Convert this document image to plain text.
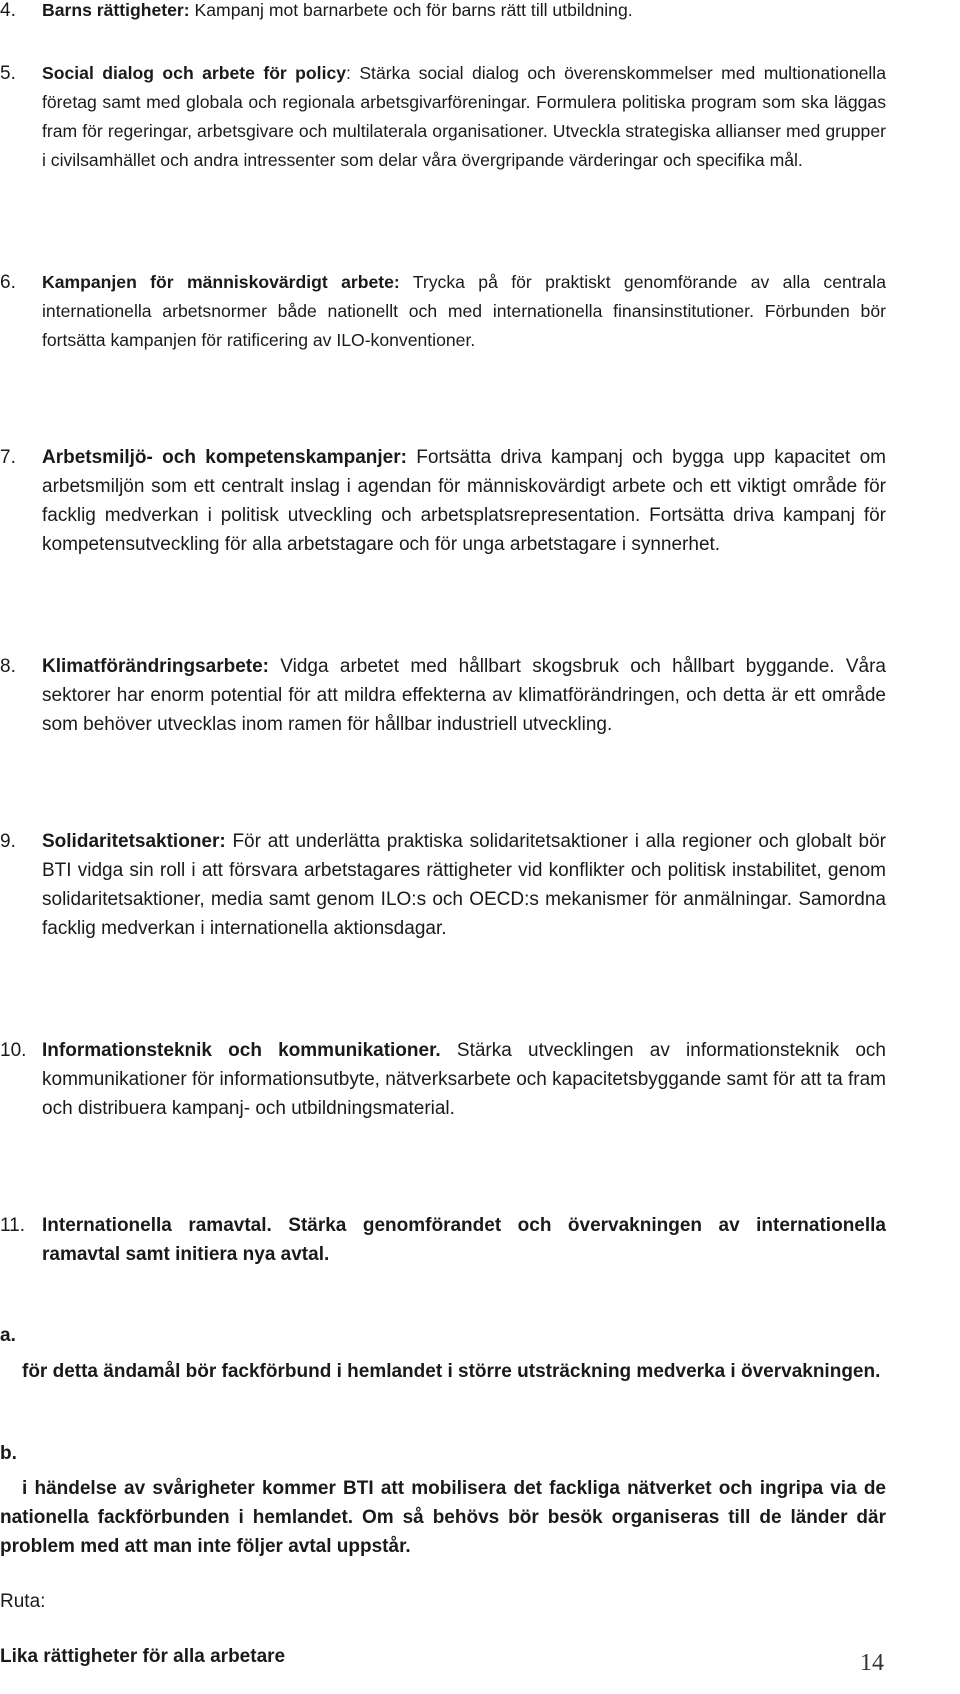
4. Barns rättigheter: Kampanj mot barnarbete och för barns rätt till utbildning.
5. Social dialog och arbete för policy: Stärka social dialog och överenskommelser med multionationella företag samt med globala och regionala arbetsgivarföreningar. Formulera politiska program som ska läggas fram för regeringar, arbetsgivare och multilaterala organisationer. Utveckla strategiska allianser med grupper i civilsamhället och andra intressenter som delar våra övergripande värderingar och specifika mål.
6. Kampanjen för människovärdigt arbete: Trycka på för praktiskt genomförande av alla centrala internationella arbetsnormer både nationellt och med internationella finansinstitutioner. Förbunden bör fortsätta kampanjen för ratificering av ILO-konventioner.
7. Arbetsmiljö- och kompetenskampanjer: Fortsätta driva kampanj och bygga upp kapacitet om arbetsmiljön som ett centralt inslag i agendan för människovärdigt arbete och ett viktigt område för facklig medverkan i politisk utveckling och arbetsplatsrepresentation. Fortsätta driva kampanj för kompetensutveckling för alla arbetstagare och för unga arbetstagare i synnerhet.
8. Klimatförändringsarbete: Vidga arbetet med hållbart skogsbruk och hållbart byggande. Våra sektorer har enorm potential för att mildra effekterna av klimatförändringen, och detta är ett område som behöver utvecklas inom ramen för hållbar industriell utveckling.
9. Solidaritetsaktioner: För att underlätta praktiska solidaritetsaktioner i alla regioner och globalt bör BTI vidga sin roll i att försvara arbetstagares rättigheter vid konflikter och politisk instabilitet, genom solidaritetsaktioner, media samt genom ILO:s och OECD:s mekanismer för anmälningar. Samordna facklig medverkan i internationella aktionsdagar.
10. Informationsteknik och kommunikationer. Stärka utvecklingen av informationsteknik och kommunikationer för informationsutbyte, nätverksarbete och kapacitetsbyggande samt för att ta fram och distribuera kampanj- och utbildningsmaterial.
11. Internationella ramavtal. Stärka genomförandet och övervakningen av internationella ramavtal samt initiera nya avtal.
a.
för detta ändamål bör fackförbund i hemlandet i större utsträckning medverka i övervakningen.
b.
i händelse av svårigheter kommer BTI att mobilisera det fackliga nätverket och ingripa via de nationella fackförbunden i hemlandet. Om så behövs bör besök organiseras till de länder där problem med att man inte följer avtal uppstår.
Ruta:
Lika rättigheter för alla arbetare	14
